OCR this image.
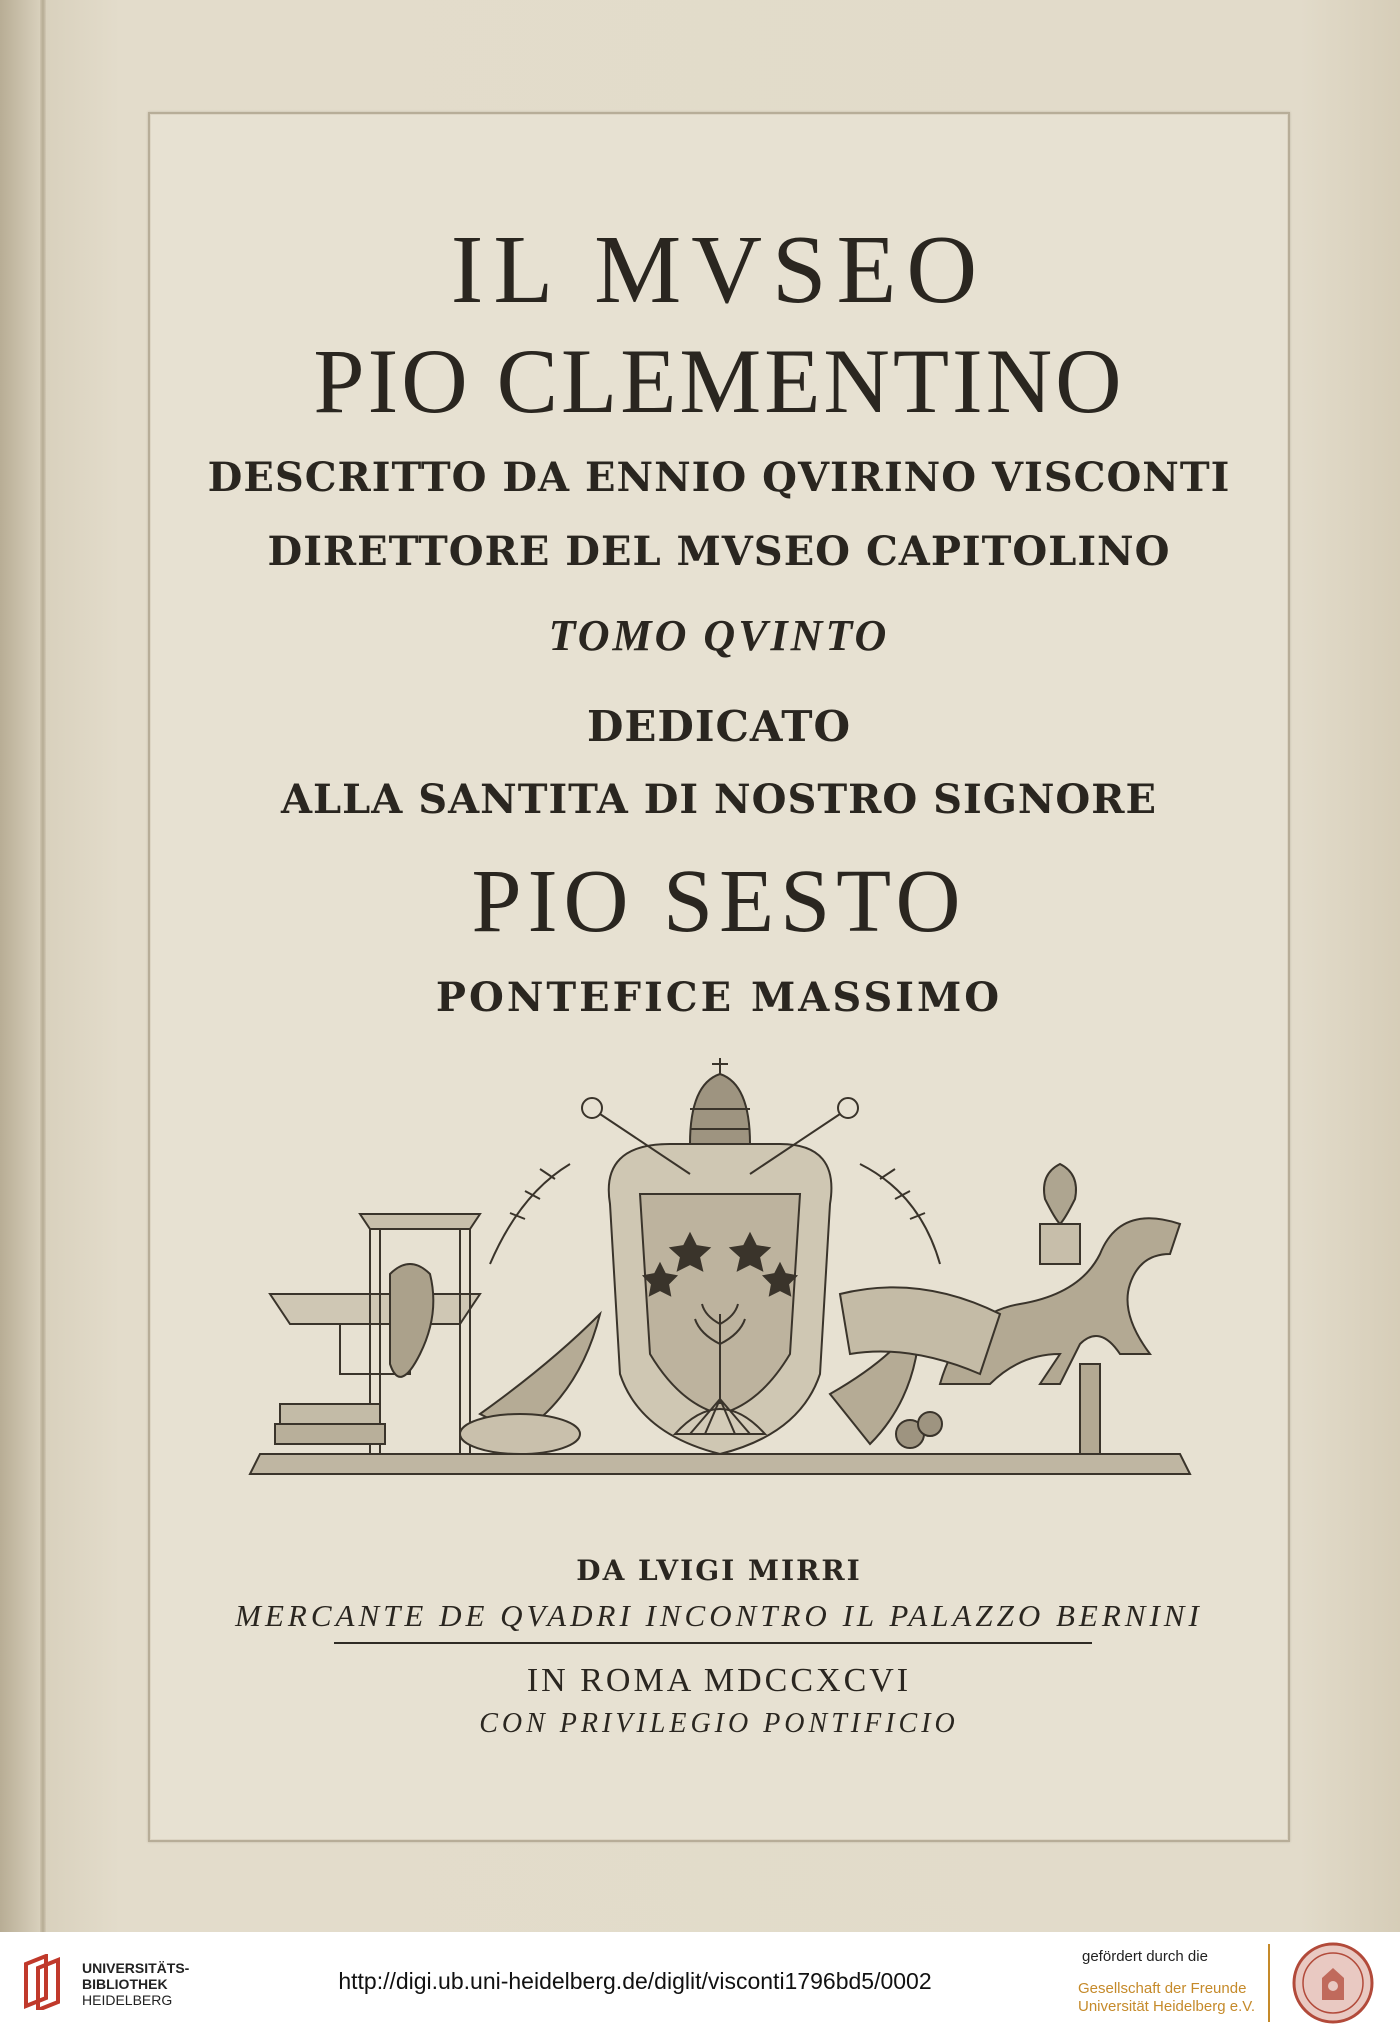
IL MVSEO
PIO CLEMENTINO
DESCRITTO DA ENNIO QVIRINO VISCONTI
DIRETTORE DEL MVSEO CAPITOLINO
TOMO QVINTO
DEDICATO
ALLA SANTITA DI NOSTRO SIGNORE
PIO SESTO
PONTEFICE MASSIMO
DA LVIGI MIRRI
MERCANTE DE QVADRI INCONTRO IL PALAZZO BERNINI
IN ROMA MDCCXCVI
CON PRIVILEGIO PONTIFICIO
UNIVERSITÄTS-
BIBLIOTHEK
HEIDELBERG
http://digi.ub.uni-heidelberg.de/diglit/visconti1796bd5/0002
gefördert durch die
Gesellschaft der Freunde
Universität Heidelberg e.V.
